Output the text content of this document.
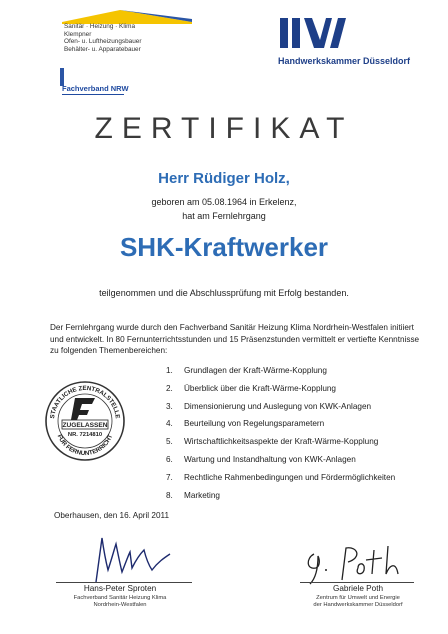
Sanitär · Heizung · Klima
Klempner
Ofen- u. Luftheizungsbauer
Behälter- u. Apparatebauer
Fachverband NRW
Handwerkskammer Düsseldorf
ZERTIFIKAT
Herr Rüdiger Holz,
geboren am 05.08.1964 in Erkelenz,
hat am Fernlehrgang
SHK-Kraftwerker
teilgenommen und die Abschlussprüfung mit Erfolg bestanden.
Der Fernlehrgang wurde durch den Fachverband Sanitär Heizung Klima Nordrhein-Westfalen initiiert und entwickelt. In 80 Fernunterrichtsstunden und 15 Präsenzstunden vermittelt er vertiefte Kenntnisse zu folgenden Themenbereichen:
STAATLICHE ZENTRALSTELLE
FÜR FERNUNTERRICHT
ZUGELASSEN
NR. 7214810
1.	Grundlagen der Kraft-Wärme-Kopplung
2.	Überblick über die Kraft-Wärme-Kopplung
3.	Dimensionierung und Auslegung von KWK-Anlagen
4.	Beurteilung von Regelungsparametern
5.	Wirtschaftlichkeitsaspekte der Kraft-Wärme-Kopplung
6.	Wartung und Instandhaltung von KWK-Anlagen
7.	Rechtliche Rahmenbedingungen und Fördermöglichkeiten
8.	Marketing
Oberhausen, den 16. April 2011
Hans-Peter Sproten
Fachverband Sanitär Heizung Klima
Nordrhein-Westfalen
Gabriele Poth
Zentrum für Umwelt und Energie
der Handwerkskammer Düsseldorf
